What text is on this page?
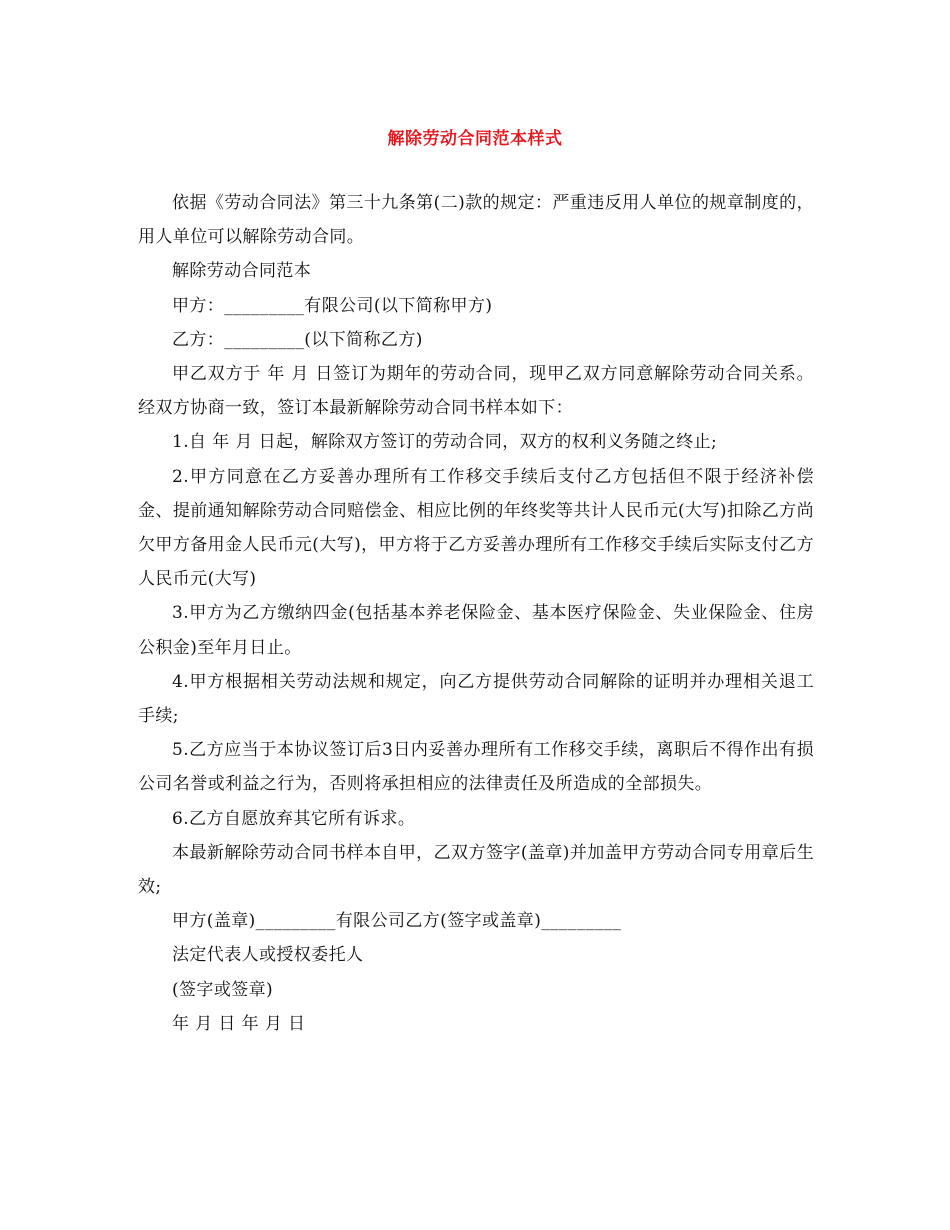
解除劳动合同范本样式

依据《劳动合同法》第三十九条第(二)款的规定：严重违反用人单位的规章制度的，用人单位可以解除劳动合同。

解除劳动合同范本

甲方：_________有限公司(以下简称甲方)

乙方：_________(以下简称乙方)

甲乙双方于 年 月 日签订为期年的劳动合同，现甲乙双方同意解除劳动合同关系。经双方协商一致，签订本最新解除劳动合同书样本如下：

1.自 年 月 日起，解除双方签订的劳动合同，双方的权利义务随之终止;

2.甲方同意在乙方妥善办理所有工作移交手续后支付乙方包括但不限于经济补偿金、提前通知解除劳动合同赔偿金、相应比例的年终奖等共计人民币元(大写)扣除乙方尚欠甲方备用金人民币元(大写)，甲方将于乙方妥善办理所有工作移交手续后实际支付乙方人民币元(大写)

3.甲方为乙方缴纳四金(包括基本养老保险金、基本医疗保险金、失业保险金、住房公积金)至年月日止。

4.甲方根据相关劳动法规和规定，向乙方提供劳动合同解除的证明并办理相关退工手续;

5.乙方应当于本协议签订后3日内妥善办理所有工作移交手续，离职后不得作出有损公司名誉或利益之行为，否则将承担相应的法律责任及所造成的全部损失。

6.乙方自愿放弃其它所有诉求。

本最新解除劳动合同书样本自甲，乙双方签字(盖章)并加盖甲方劳动合同专用章后生效;

甲方(盖章)_________有限公司乙方(签字或盖章)_________

法定代表人或授权委托人

(签字或签章)

年 月 日 年 月 日
